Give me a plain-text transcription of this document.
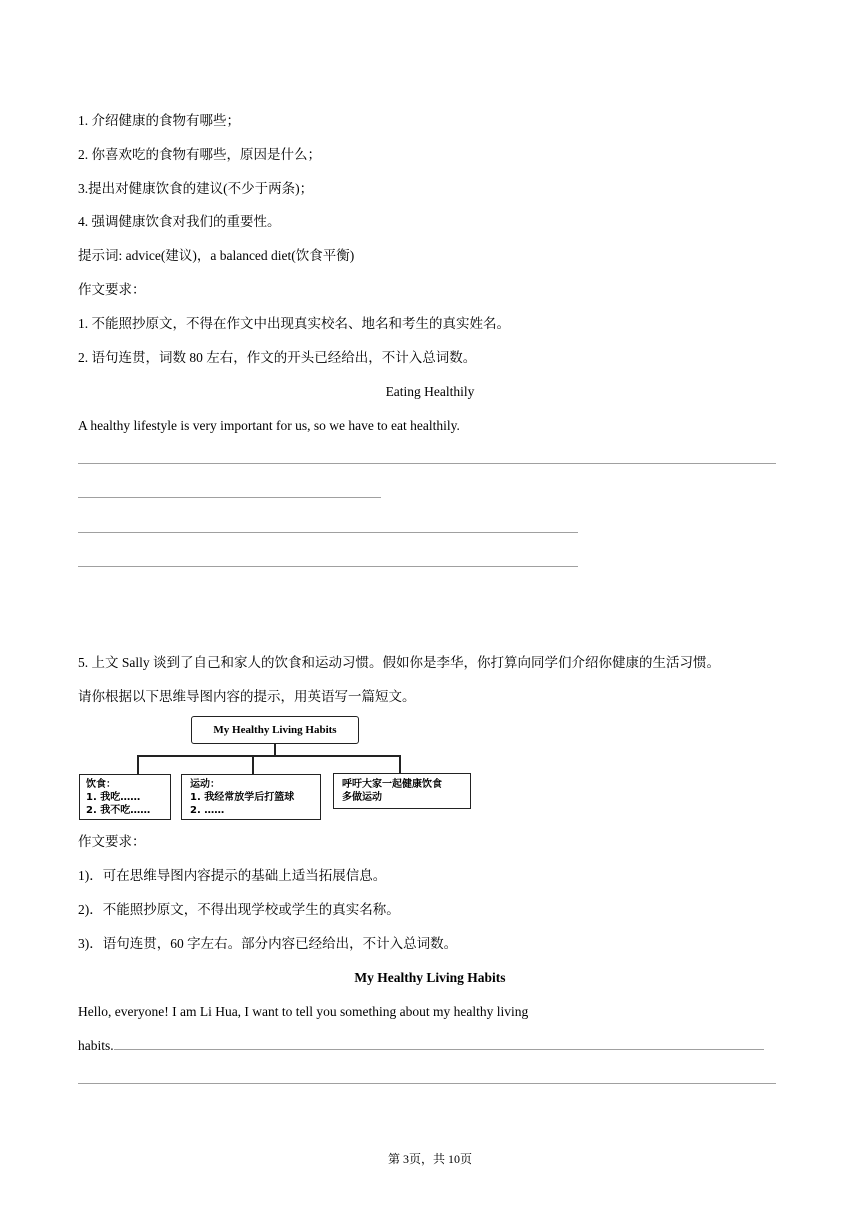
1. 介绍健康的食物有哪些；
2. 你喜欢吃的食物有哪些，原因是什么；
3.提出对健康饮食的建议(不少于两条)；
4. 强调健康饮食对我们的重要性。
提示词: advice(建议)，a balanced diet(饮食平衡)
作文要求：
1. 不能照抄原文，不得在作文中出现真实校名、地名和考生的真实姓名。
2. 语句连贯，词数 80 左右，作文的开头已经给出，不计入总词数。
Eating Healthily
A healthy lifestyle is very important for us, so we have to eat healthily.
5. 上文 Sally 谈到了自己和家人的饮食和运动习惯。假如你是李华，你打算向同学们介绍你健康的生活习惯。
请你根据以下思维导图内容的提示，用英语写一篇短文。
My Healthy Living Habits
饮食：
1. 我吃……
2. 我不吃……
运动：
1. 我经常放学后打篮球
2. ……
呼吁大家一起健康饮食
多做运动
作文要求：
1)．可在思维导图内容提示的基础上适当拓展信息。
2)．不能照抄原文，不得出现学校或学生的真实名称。
3)．语句连贯，60 字左右。部分内容已经给出，不计入总词数。
My Healthy Living Habits
Hello, everyone! I am Li Hua, I want to tell you something about my healthy living
habits.
第 3页，共 10页
